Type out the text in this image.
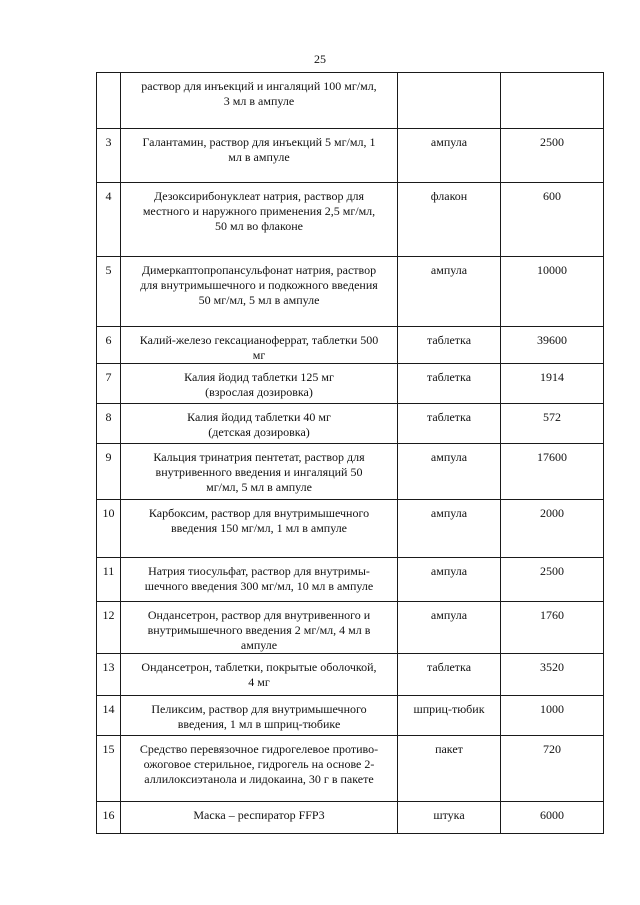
25

	раствор для инъекций и ингаляций 100 мг/мл,
3 мл в ампуле		

3	Галантамин, раствор для инъекций 5 мг/мл, 1
мл в ампуле	ампула	2500
4	Дезоксирибонуклеат натрия, раствор для
местного и наружного применения 2,5 мг/мл,
50 мл во флаконе	флакон	600
5	Димеркаптопропансульфонат натрия, раствор
для внутримышечного и подкожного введения
50 мг/мл, 5 мл в ампуле	ампула	10000
6	Калий-железо гексацианоферрат, таблетки 500
мг	таблетка	39600
7	Калия йодид таблетки 125 мг
(взрослая дозировка)	таблетка	1914
8	Калия йодид таблетки 40 мг
(детская дозировка)	таблетка	572
9	Кальция тринатрия пентетат, раствор для
внутривенного введения и ингаляций 50
мг/мл, 5 мл в ампуле	ампула	17600
10	Карбоксим, раствор для внутримышечного
введения 150 мг/мл, 1 мл в ампуле	ампула	2000
11	Натрия тиосульфат, раствор для внутримы-
шечного введения 300 мг/мл, 10 мл в ампуле	ампула	2500
12	Ондансетрон, раствор для внутривенного и
внутримышечного введения 2 мг/мл, 4 мл в
ампуле	ампула	1760
13	Ондансетрон, таблетки, покрытые оболочкой,
4 мг	таблетка	3520
14	Пеликсим, раствор для внутримышечного
введения, 1 мл в шприц-тюбике	шприц-тюбик	1000
15	Средство перевязочное гидрогелевое противо-
ожоговое стерильное, гидрогель на основе 2-
аллилоксиэтанола и лидокаина, 30 г в пакете	пакет	720
16	Маска – респиратор FFP3	штука	6000
